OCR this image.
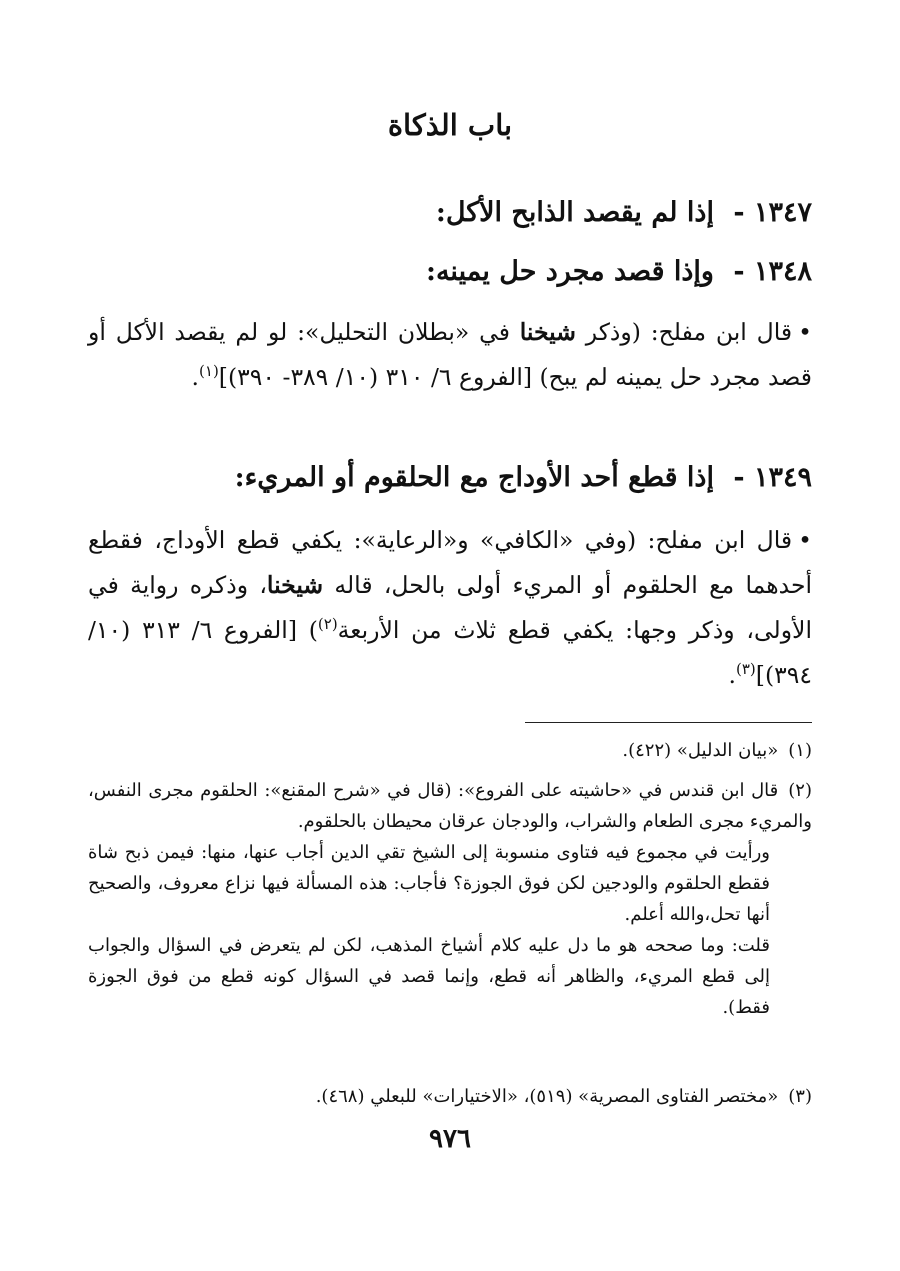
باب الذكاة
١٣٤٧ - إذا لم يقصد الذابح الأكل:
١٣٤٨ - وإذا قصد مجرد حل يمينه:
•قال ابن مفلح: (وذكر شيخنا في «بطلان التحليل»: لو لم يقصد الأكل أو قصد مجرد حل يمينه لم يبح) [الفروع ٦/ ٣١٠ (١٠/ ٣٨٩- ٣٩٠)]$^{(١)}$.
١٣٤٩ - إذا قطع أحد الأوداج مع الحلقوم أو المريء:
•قال ابن مفلح: (وفي «الكافي» و«الرعاية»: يكفي قطع الأوداج، فقطع أحدهما مع الحلقوم أو المريء أولى بالحل، قاله شيخنا، وذكره رواية في الأولى، وذكر وجها: يكفي قطع ثلاث من الأربعة$^{(٢)}$) [الفروع ٦/ ٣١٣ (١٠/ ٣٩٤)]$^{(٣)}$.
(١)«بيان الدليل» (٤٢٢).
(٢)قال ابن قندس في «حاشيته على الفروع»: (قال في «شرح المقنع»: الحلقوم مجرى النفس، والمريء مجرى الطعام والشراب، والودجان عرقان محيطان بالحلقوم.
ورأيت في مجموع فيه فتاوى منسوبة إلى الشيخ تقي الدين أجاب عنها، منها: فيمن ذبح شاة فقطع الحلقوم والودجين لكن فوق الجوزة؟ فأجاب: هذه المسألة فيها نزاع معروف، والصحيح أنها تحل،والله أعلم.
قلت: وما صححه هو ما دل عليه كلام أشياخ المذهب، لكن لم يتعرض في السؤال والجواب إلى قطع المريء، والظاهر أنه قطع، وإنما قصد في السؤال كونه قطع من فوق الجوزة فقط).
(٣)«مختصر الفتاوى المصرية» (٥١٩)، «الاختيارات» للبعلي (٤٦٨).
٩٧٦
